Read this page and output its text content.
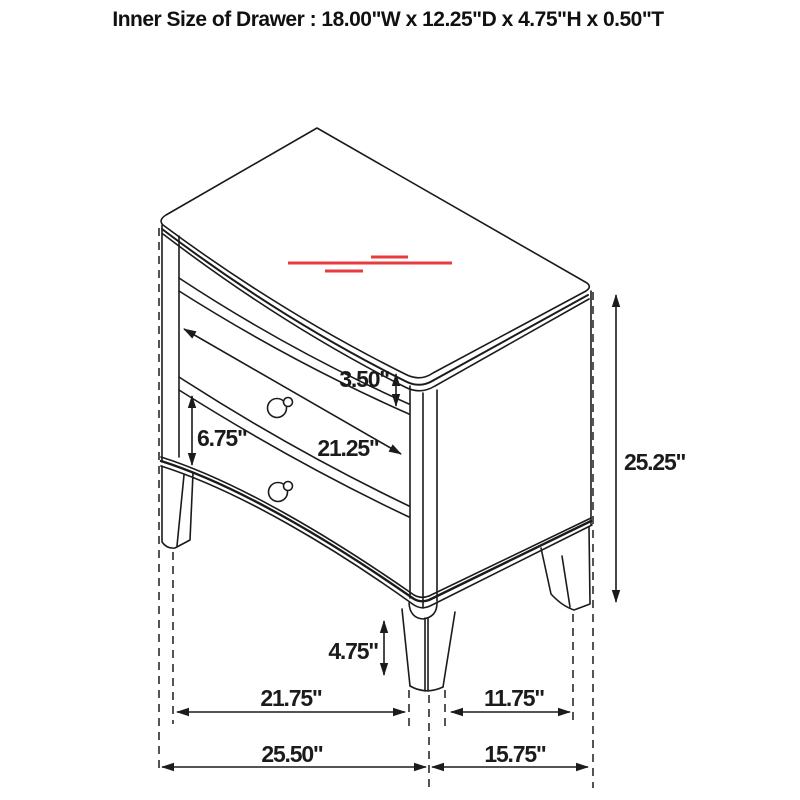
Inner Size of Drawer : 18.00"W x 12.25"D x 4.75"H x 0.50"T
3.50"
6.75"	21.25"
25.25"
4.75"
21.75"	11.75"
25.50"	15.75"
